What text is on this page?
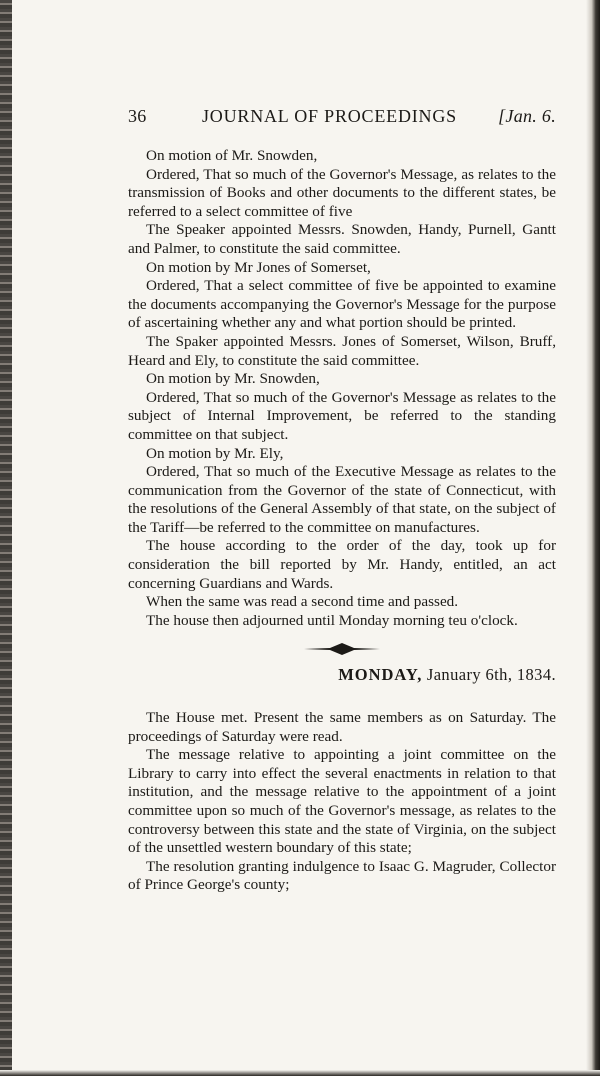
36	JOURNAL OF PROCEEDINGS [Jan. 6.

On motion of Mr. Snowden,

Ordered, That so much of the Governor's Message, as relates to the transmission of Books and other documents to the different states, be referred to a select committee of five

The Speaker appointed Messrs. Snowden, Handy, Purnell, Gantt and Palmer, to constitute the said committee.

On motion by Mr Jones of Somerset,

Ordered, That a select committee of five be appointed to examine the documents accompanying the Governor's Message for the purpose of ascertaining whether any and what portion should be printed.

The Spaker appointed Messrs. Jones of Somerset, Wilson, Bruff, Heard and Ely, to constitute the said committee.

On motion by Mr. Snowden,

Ordered, That so much of the Governor's Message as relates to the subject of Internal Improvement, be referred to the standing committee on that subject.

On motion by Mr. Ely,

Ordered, That so much of the Executive Message as relates to the communication from the Governor of the state of Connecticut, with the resolutions of the General Assembly of that state, on the subject of the Tariff—be referred to the committee on manufactures.

The house according to the order of the day, took up for consideration the bill reported by Mr. Handy, entitled, an act concerning Guardians and Wards.

When the same was read a second time and passed.

The house then adjourned until Monday morning teu o'clock.

MONDAY, January 6th, 1834.

The House met. Present the same members as on Saturday. The proceedings of Saturday were read.

The message relative to appointing a joint committee on the Library to carry into effect the several enactments in relation to that institution, and the message relative to the appointment of a joint committee upon so much of the Governor's message, as relates to the controversy between this state and the state of Virginia, on the subject of the unsettled western boundary of this state;

The resolution granting indulgence to Isaac G. Magruder, Collector of Prince George's county;
